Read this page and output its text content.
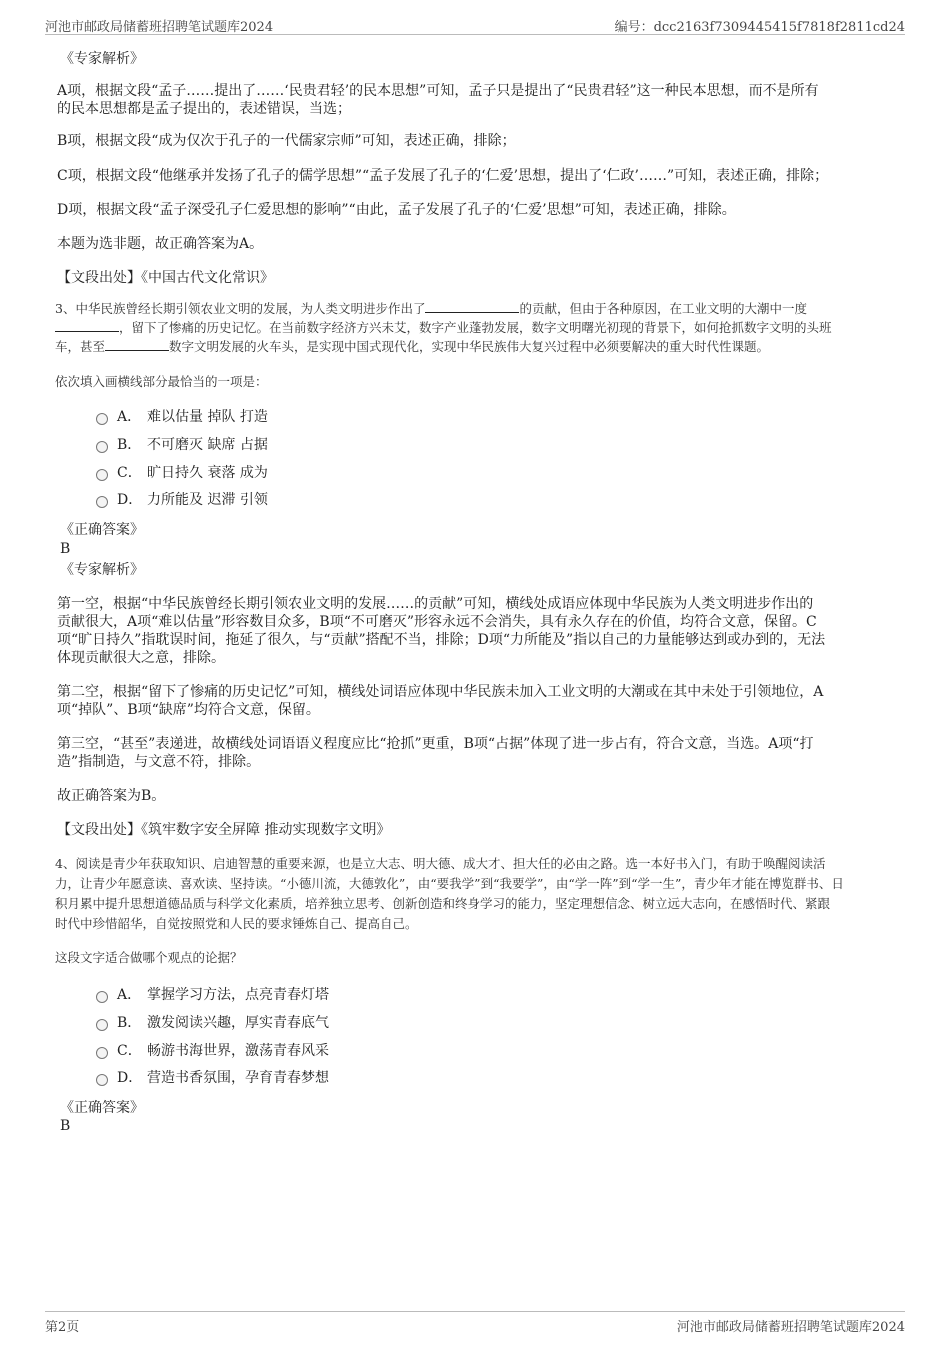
河池市邮政局储蓄班招聘笔试题库2024	编号：dcc2163f7309445415f7818f2811cd24
《专家解析》
A项，根据文段“孟子……提出了……‘民贵君轻’的民本思想”可知，孟子只是提出了“民贵君轻”这一种民本思想，而不是所有
的民本思想都是孟子提出的，表述错误，当选；
B项，根据文段“成为仅次于孔子的一代儒家宗师”可知，表述正确，排除；
C项，根据文段“他继承并发扬了孔子的儒学思想”“孟子发展了孔子的‘仁爱’思想，提出了‘仁政’……”可知，表述正确，排除；
D项，根据文段“孟子深受孔子仁爱思想的影响”“由此，孟子发展了孔子的‘仁爱’思想”可知，表述正确，排除。
本题为选非题，故正确答案为A。
【文段出处】《中国古代文化常识》
3、中华民族曾经长期引领农业文明的发展，为人类文明进步作出了	的贡献，但由于各种原因，在工业文明的大潮中一度
，留下了惨痛的历史记忆。在当前数字经济方兴未艾，数字产业蓬勃发展，数字文明曙光初现的背景下，如何抢抓数字文明的头班
车，甚至	数字文明发展的火车头，是实现中国式现代化，实现中华民族伟大复兴过程中必须要解决的重大时代性课题。
依次填入画横线部分最恰当的一项是：
A． 难以估量 掉队 打造
B． 不可磨灭 缺席 占据
C． 旷日持久 衰落 成为
D． 力所能及 迟滞 引领
《正确答案》
B
《专家解析》
第一空，根据“中华民族曾经长期引领农业文明的发展……的贡献”可知，横线处成语应体现中华民族为人类文明进步作出的
贡献很大，A项“难以估量”形容数目众多，B项“不可磨灭”形容永远不会消失，具有永久存在的价值，均符合文意，保留。C
项“旷日持久”指耽误时间，拖延了很久，与“贡献”搭配不当，排除；D项“力所能及”指以自己的力量能够达到或办到的，无法
体现贡献很大之意，排除。
第二空，根据“留下了惨痛的历史记忆”可知，横线处词语应体现中华民族未加入工业文明的大潮或在其中未处于引领地位，A
项“掉队”、B项“缺席”均符合文意，保留。
第三空，“甚至”表递进，故横线处词语语义程度应比“抢抓”更重，B项“占据”体现了进一步占有，符合文意，当选。A项“打
造”指制造，与文意不符，排除。
故正确答案为B。
【文段出处】《筑牢数字安全屏障 推动实现数字文明》
4、阅读是青少年获取知识、启迪智慧的重要来源，也是立大志、明大德、成大才、担大任的必由之路。选一本好书入门，有助于唤醒阅读活
力，让青少年愿意读、喜欢读、坚持读。“小德川流，大德敦化”，由“要我学”到“我要学”，由“学一阵”到“学一生”，青少年才能在博览群书、日
积月累中提升思想道德品质与科学文化素质，培养独立思考、创新创造和终身学习的能力，坚定理想信念、树立远大志向，在感悟时代、紧跟
时代中珍惜韶华，自觉按照党和人民的要求锤炼自己、提高自己。
这段文字适合做哪个观点的论据？
A． 掌握学习方法，点亮青春灯塔
B． 激发阅读兴趣，厚实青春底气
C． 畅游书海世界，激荡青春风采
D． 营造书香氛围，孕育青春梦想
《正确答案》
B
第2页	河池市邮政局储蓄班招聘笔试题库2024
